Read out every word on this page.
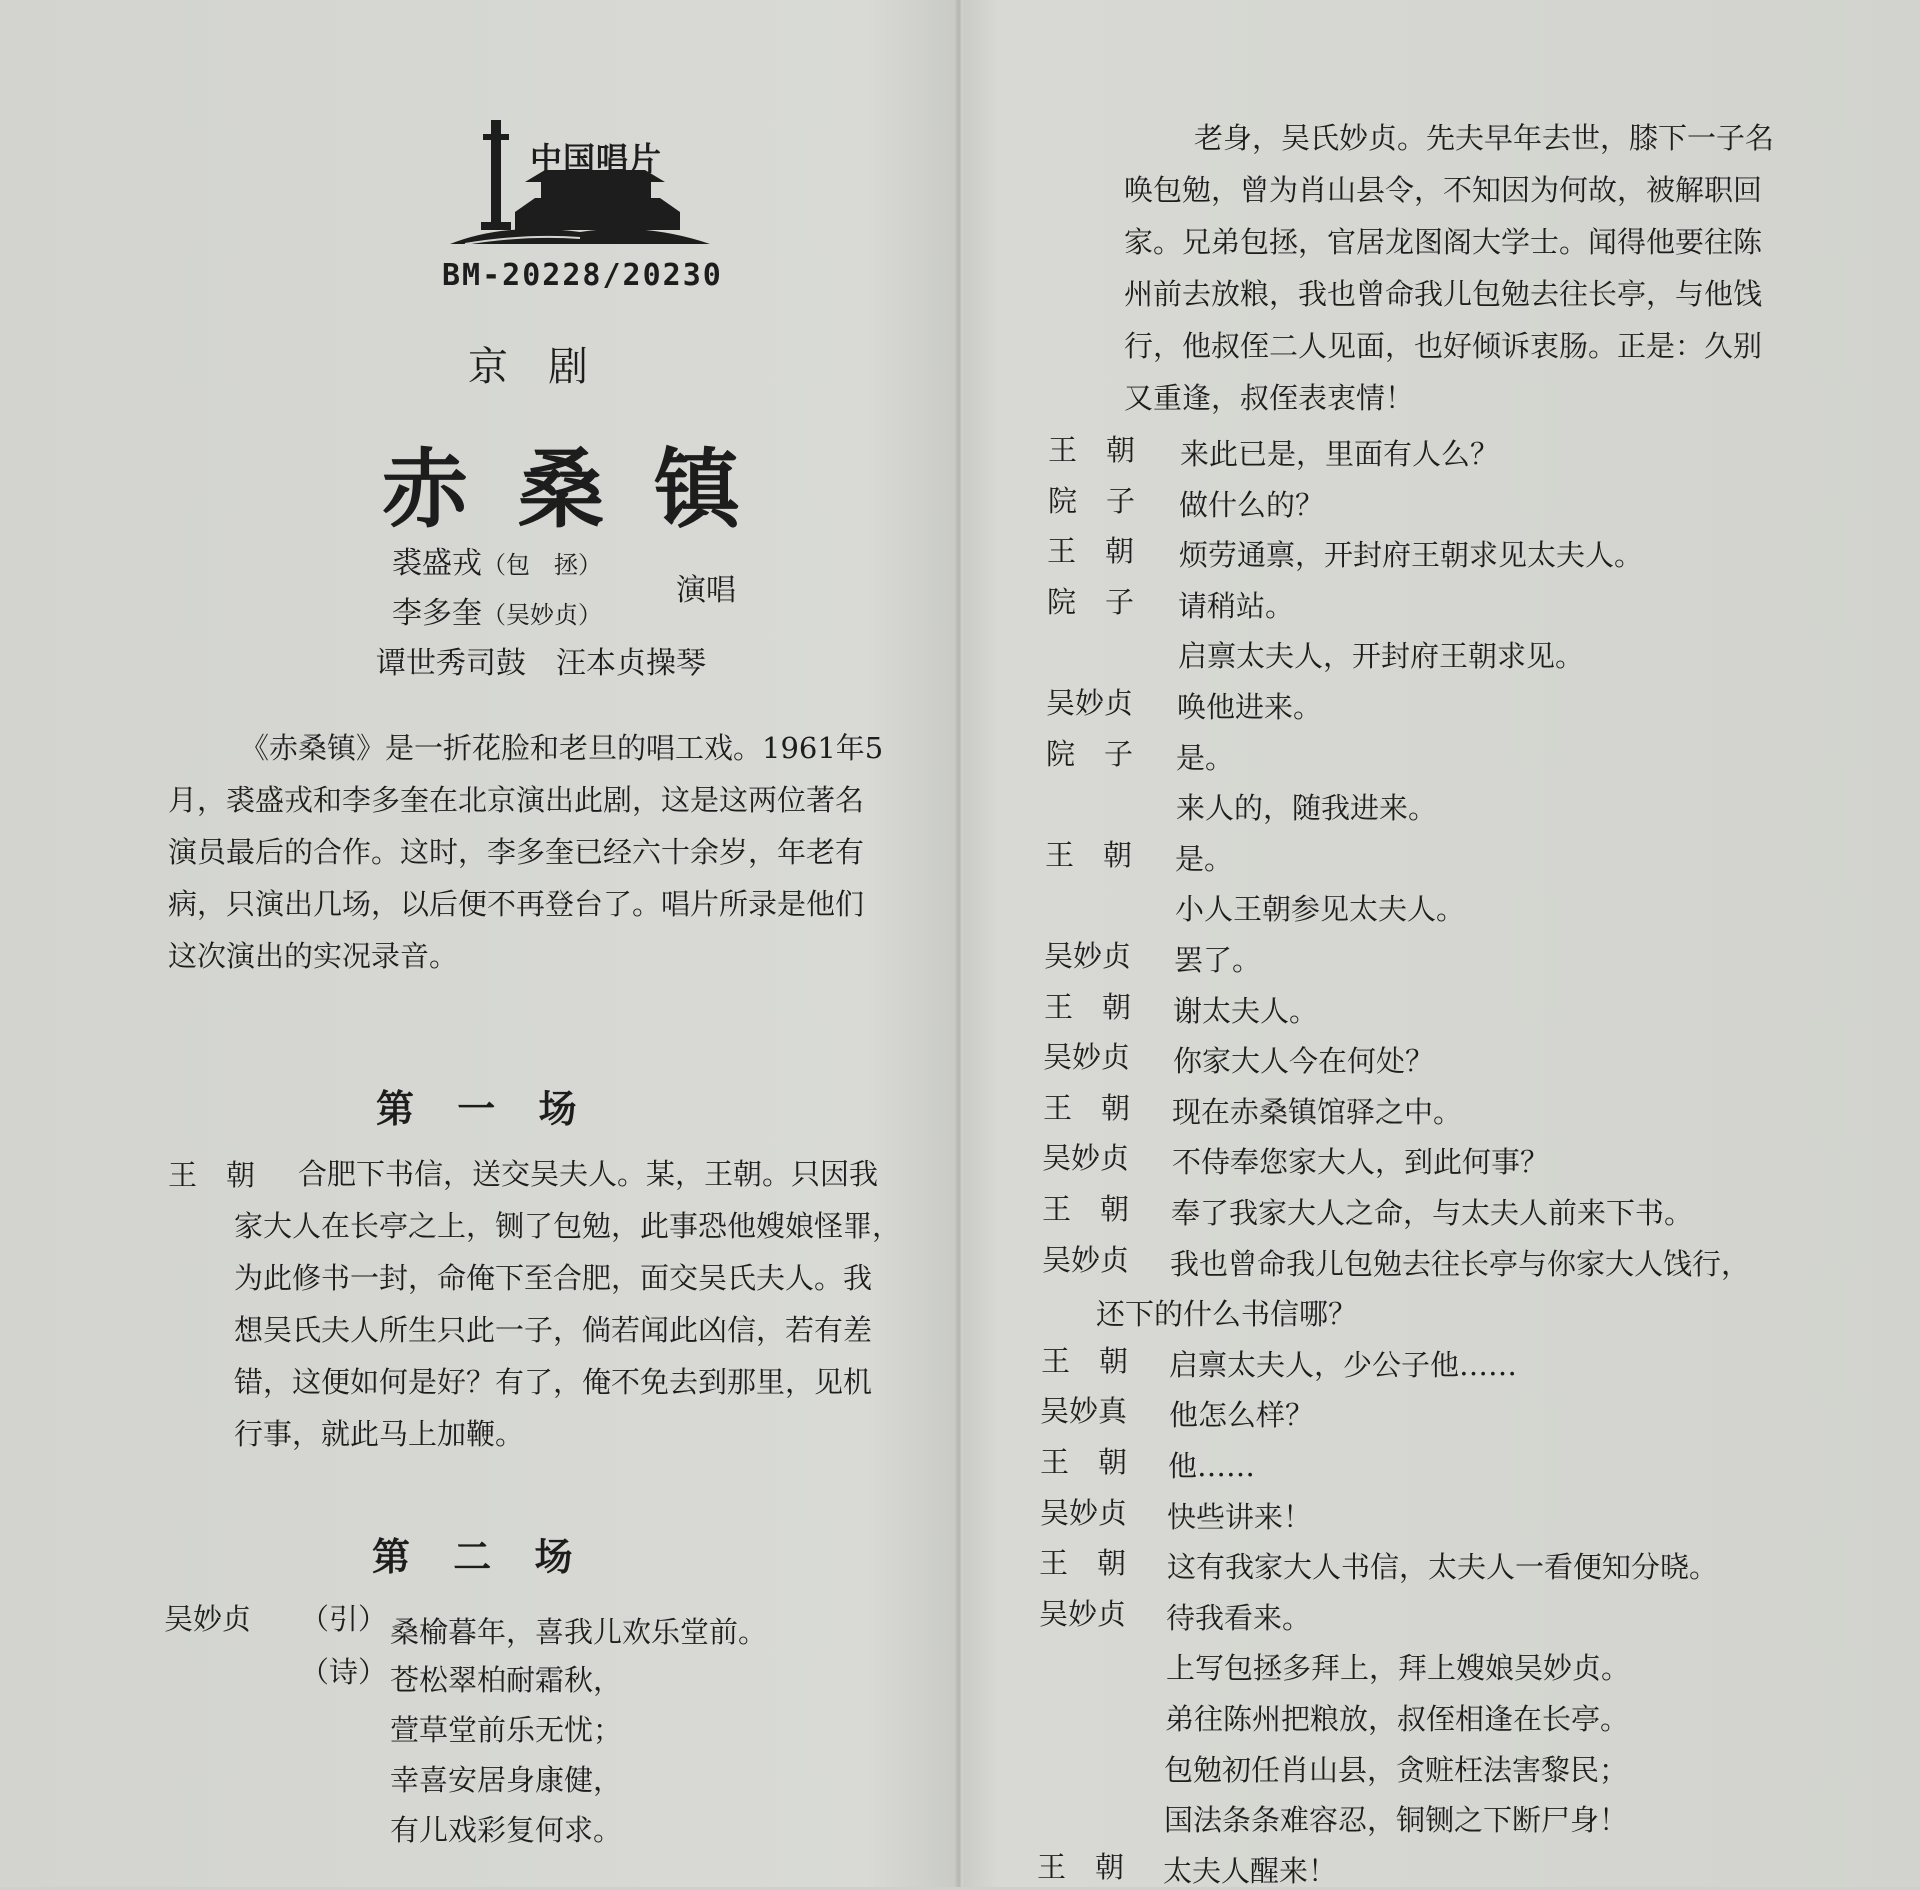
中国唱片
BM-20228/20230
京　剧
赤桑镇
裘盛戎（包　拯）
李多奎（吴妙贞）
演唱
谭世秀司鼓　汪本贞操琴
《赤桑镇》是一折花脸和老旦的唱工戏。1961年5
月，裘盛戎和李多奎在北京演出此剧，这是这两位著名
演员最后的合作。这时，李多奎已经六十余岁，年老有
病，只演出几场，以后便不再登台了。唱片所录是他们
这次演出的实况录音。
第 一 场
王　朝 合肥下书信，送交吴夫人。某，王朝。只因我
家大人在长亭之上，铡了包勉，此事恐他嫂娘怪罪，
为此修书一封，命俺下至合肥，面交吴氏夫人。我
想吴氏夫人所生只此一子，倘若闻此凶信，若有差
错，这便如何是好？有了，俺不免去到那里，见机
行事，就此马上加鞭。
第 二 场
吴妙贞 （引） 桑榆暮年，喜我儿欢乐堂前。
（诗） 苍松翠柏耐霜秋，
萱草堂前乐无忧；
幸喜安居身康健，
有儿戏彩复何求。
老身，吴氏妙贞。先夫早年去世，膝下一子名
唤包勉，曾为肖山县令，不知因为何故，被解职回
家。兄弟包拯，官居龙图阁大学士。闻得他要往陈
州前去放粮，我也曾命我儿包勉去往长亭，与他饯
行，他叔侄二人见面，也好倾诉衷肠。正是：久别
又重逢，叔侄表衷情！
王　朝 来此已是，里面有人么？
院　子 做什么的？
王　朝 烦劳通禀，开封府王朝求见太夫人。
院　子 请稍站。
启禀太夫人，开封府王朝求见。
吴妙贞 唤他进来。
院　子 是。
来人的，随我进来。
王　朝 是。
小人王朝参见太夫人。
吴妙贞 罢了。
王　朝 谢太夫人。
吴妙贞 你家大人今在何处？
王　朝 现在赤桑镇馆驿之中。
吴妙贞 不侍奉您家大人，到此何事？
王　朝 奉了我家大人之命，与太夫人前来下书。
吴妙贞 我也曾命我儿包勉去往长亭与你家大人饯行，
还下的什么书信哪？
王　朝 启禀太夫人，少公子他……
吴妙真 他怎么样？
王　朝 他……
吴妙贞 快些讲来！
王　朝 这有我家大人书信，太夫人一看便知分晓。
吴妙贞 待我看来。
上写包拯多拜上，拜上嫂娘吴妙贞。
弟往陈州把粮放，叔侄相逢在长亭。
包勉初任肖山县，贪赃枉法害黎民；
国法条条难容忍，铜铡之下断尸身！
王　朝 太夫人醒来！
